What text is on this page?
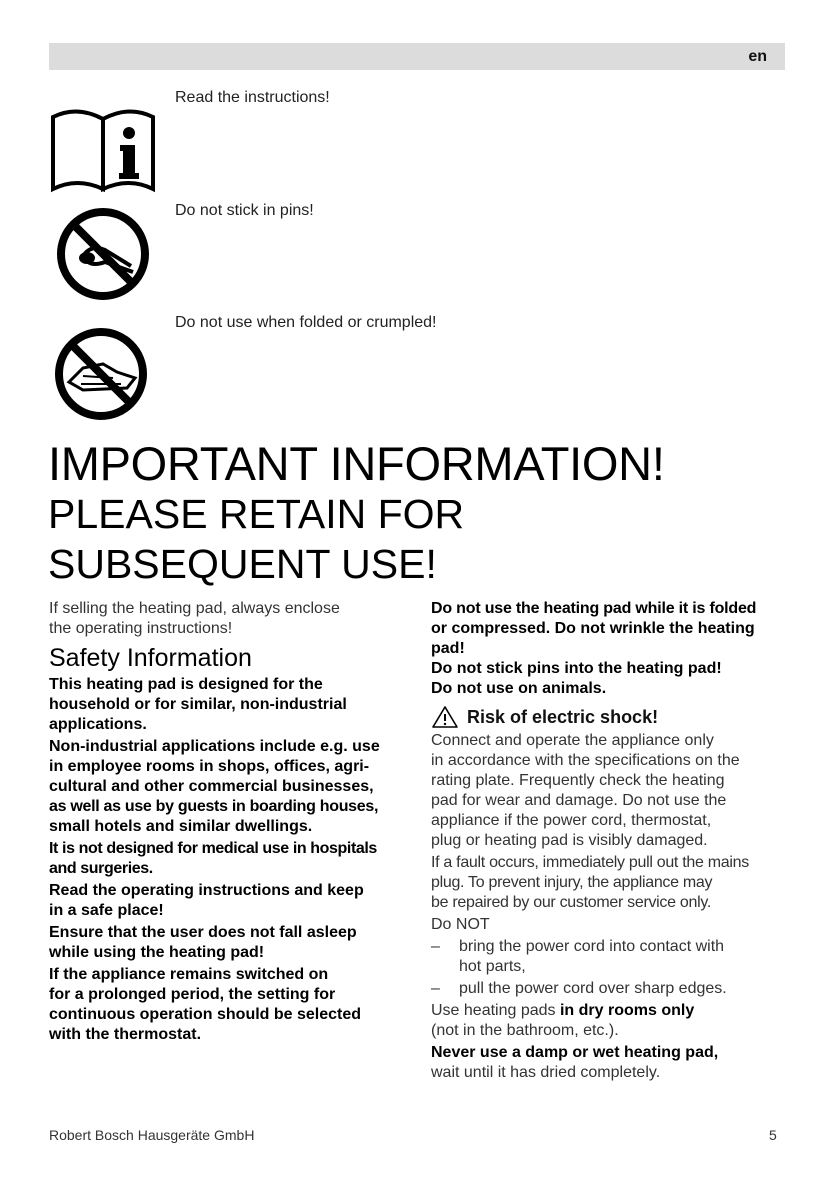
en
Read the instructions!
Do not stick in pins!
Do not use when folded or crumpled!
IMPORTANT INFORMATION!
PLEASE RETAIN FOR
SUBSEQUENT USE!

If selling the heating pad, always enclose
the operating instructions!

Safety Information

This heating pad is designed for the
household or for similar, non-industrial
applications.

Non-industrial applications include e.g. use
in employee rooms in shops, offices, agri-
cultural and other commercial businesses,
as well as use by guests in boarding houses,
small hotels and similar dwellings.

It is not designed for medical use in hospitals
and surgeries.

Read the operating instructions and keep
in a safe place!

Ensure that the user does not fall asleep
while using the heating pad!

If the appliance remains switched on
for a prolonged period, the setting for
continuous operation should be selected
with the thermostat.

Do not use the heating pad while it is folded
or compressed. Do not wrinkle the heating
pad!

Do not stick pins into the heating pad!

Do not use on animals.

Risk of electric shock!

Connect and operate the appliance only
in accordance with the specifications on the
rating plate. Frequently check the heating
pad for wear and damage. Do not use the
appliance if the power cord, thermostat,
plug or heating pad is visibly damaged.

If a fault occurs, immediately pull out the mains
plug. To prevent injury, the appliance may
be repaired by our customer service only.

Do NOT

–	bring the power cord into contact with
hot parts,
–	pull the power cord over sharp edges.

Use heating pads in dry rooms only
(not in the bathroom, etc.).

Never use a damp or wet heating pad,
wait until it has dried completely.

Robert Bosch Hausgeräte GmbH	5
